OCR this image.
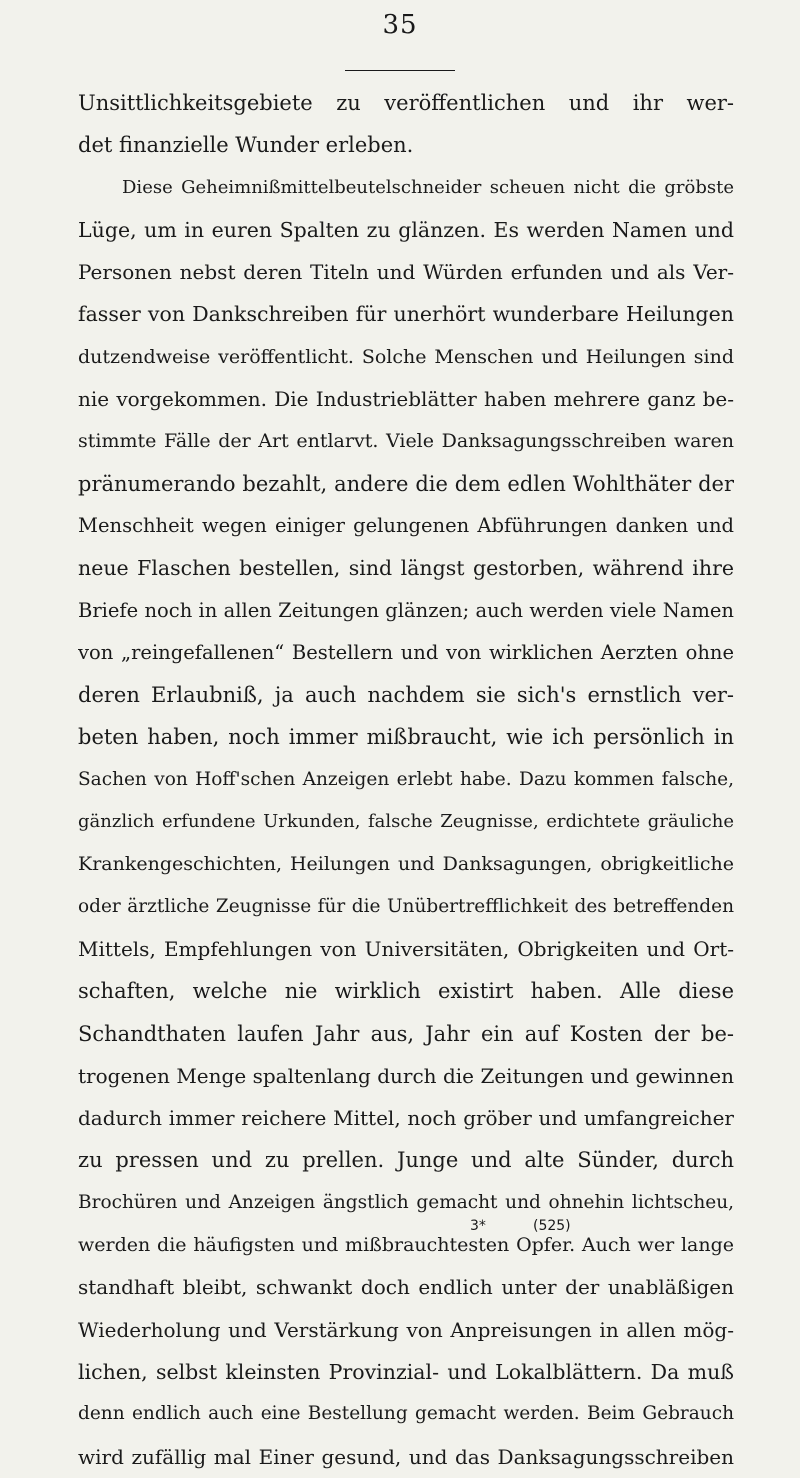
35
Unsittlichkeitsgebiete zu veröffentlichen und ihr wer-
det finanzielle Wunder erleben.
Diese Geheimnißmittelbeutelschneider scheuen nicht die gröbste
Lüge, um in euren Spalten zu glänzen. Es werden Namen und
Personen nebst deren Titeln und Würden erfunden und als Ver-
fasser von Dankschreiben für unerhört wunderbare Heilungen
dutzendweise veröffentlicht. Solche Menschen und Heilungen sind
nie vorgekommen. Die Industrieblätter haben mehrere ganz be-
stimmte Fälle der Art entlarvt. Viele Danksagungsschreiben waren
pränumerando bezahlt, andere die dem edlen Wohlthäter der
Menschheit wegen einiger gelungenen Abführungen danken und
neue Flaschen bestellen, sind längst gestorben, während ihre
Briefe noch in allen Zeitungen glänzen; auch werden viele Namen
von „reingefallenen“ Bestellern und von wirklichen Aerzten ohne
deren Erlaubniß, ja auch nachdem sie sich's ernstlich ver-
beten haben, noch immer mißbraucht, wie ich persönlich in
Sachen von Hoff'schen Anzeigen erlebt habe. Dazu kommen falsche,
gänzlich erfundene Urkunden, falsche Zeugnisse, erdichtete gräuliche
Krankengeschichten, Heilungen und Danksagungen, obrigkeitliche
oder ärztliche Zeugnisse für die Unübertrefflichkeit des betreffenden
Mittels, Empfehlungen von Universitäten, Obrigkeiten und Ort-
schaften, welche nie wirklich existirt haben. Alle diese
Schandthaten laufen Jahr aus, Jahr ein auf Kosten der be-
trogenen Menge spaltenlang durch die Zeitungen und gewinnen
dadurch immer reichere Mittel, noch gröber und umfangreicher
zu pressen und zu prellen. Junge und alte Sünder, durch
Brochüren und Anzeigen ängstlich gemacht und ohnehin lichtscheu,
werden die häufigsten und mißbrauchtesten Opfer. Auch wer lange
standhaft bleibt, schwankt doch endlich unter der unabläßigen
Wiederholung und Verstärkung von Anpreisungen in allen mög-
lichen, selbst kleinsten Provinzial- und Lokalblättern. Da muß
denn endlich auch eine Bestellung gemacht werden. Beim Gebrauch
wird zufällig mal Einer gesund, und das Danksagungsschreiben
3*	(525)
